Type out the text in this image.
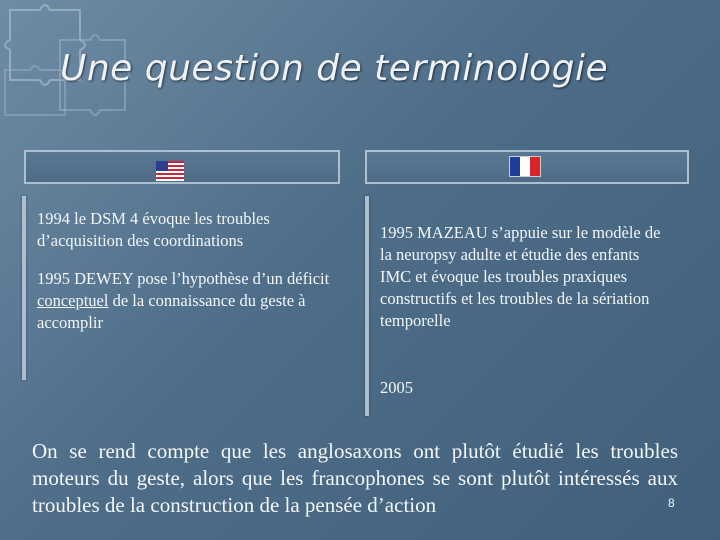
Une question de terminologie

1994 le DSM 4 évoque les troubles d’acquisition des coordinations

1995 DEWEY pose l’hypothèse d’un déficit conceptuel de la connaissance du geste à accomplir

1995 MAZEAU s’appuie sur le modèle de la neuropsy adulte et étudie des enfants IMC et évoque les troubles praxiques constructifs et les troubles de la sériation temporelle

2005
On se rend compte que les anglosaxons ont plutôt étudié les troubles moteurs du geste, alors que les francophones se sont plutôt intéressés aux troubles de la construction de la pensée d’action	8
